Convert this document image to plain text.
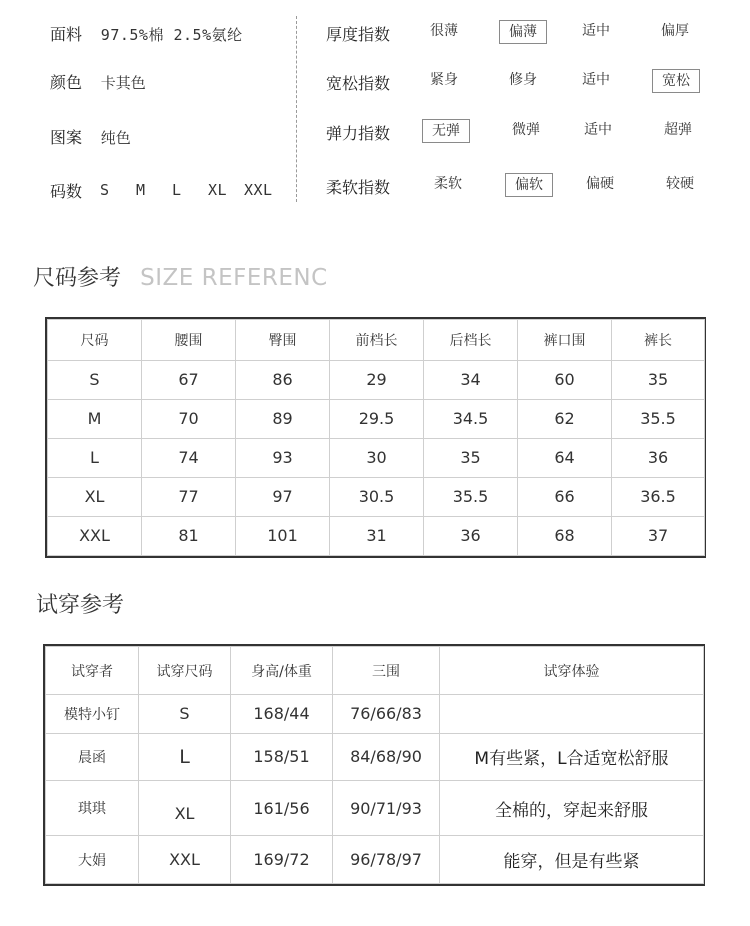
面料 97.5%棉 2.5%氨纶
颜色 卡其色
图案 纯色
码数 S M L XL XXL
厚度指数	很薄	偏薄	适中	偏厚
宽松指数	紧身	修身	适中	宽松
弹力指数	无弹	微弹	适中	超弹
柔软指数	柔软	偏软	偏硬	较硬
尺码参考 SIZE REFERENC
尺码	腰围	臀围	前档长	后档长	裤口围	裤长
S	67	86	29	34	60	35
M	70	89	29.5	34.5	62	35.5
L	74	93	30	35	64	36
XL	77	97	30.5	35.5	66	36.5
XXL	81	101	31	36	68	37
试穿参考
试穿者	试穿尺码	身高/体重	三围	试穿体验
模特小钉	S	168/44	76/66/83	
晨函	L	158/51	84/68/90	M有些紧，L合适宽松舒服
琪琪	XL	161/56	90/71/93	全棉的，穿起来舒服
大娟	XXL	169/72	96/78/97	能穿，但是有些紧
